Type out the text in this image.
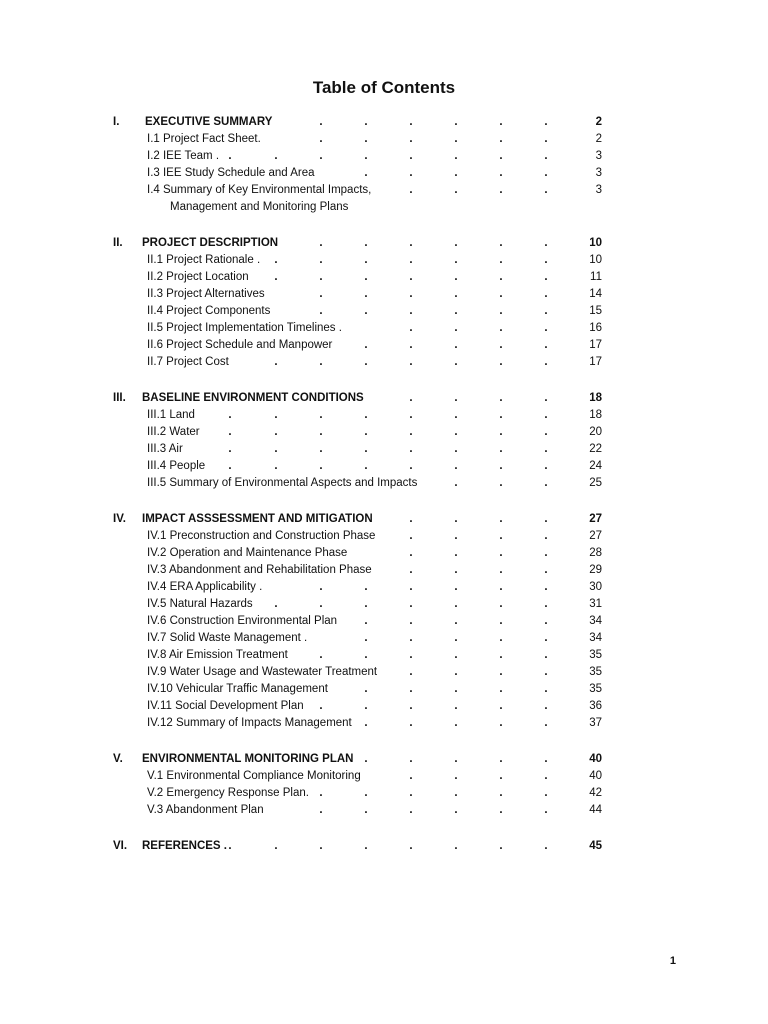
Table of Contents
I. EXECUTIVE SUMMARY	.	.	.	.	.	.	2
I.1 Project Fact Sheet.	.	.	.	.	.	.	2
I.2 IEE Team . .	.	.	.	.	.	.	.	3
I.3 IEE Study Schedule and Area	.	.	.	.	.	3
I.4 Summary of Key Environmental Impacts,	.	.	.	.	3
Management and Monitoring Plans
II. PROJECT DESCRIPTION	.	.	.	.	.	.	10
II.1 Project Rationale . .	.	.	.	.	.	.	10
II.2 Project Location .	.	.	.	.	.	.	11
II.3 Project Alternatives	.	.	.	.	.	.	14
II.4 Project Components	.	.	.	.	.	.	15
II.5 Project Implementation Timelines .	.	.	.	.	16
II.6 Project Schedule and Manpower	.	.	.	.	.	17
II.7 Project Cost	.	.	.	.	.	.	.	17
III. BASELINE ENVIRONMENT CONDITIONS	.	.	.	.	18
III.1 Land	.	.	.	.	.	.	.	.	18
III.2 Water	.	.	.	.	.	.	.	.	20
III.3 Air	.	.	.	.	.	.	.	.	22
III.4 People .	.	.	.	.	.	.	.	24
III.5 Summary of Environmental Aspects and Impacts	.	.	.	25
IV. IMPACT ASSSESSMENT AND MITIGATION	.	.	.	.	27
IV.1 Preconstruction and Construction Phase	.	.	.	.	27
IV.2 Operation and Maintenance Phase	.	.	.	.	28
IV.3 Abandonment and Rehabilitation Phase	.	.	.	.	29
IV.4 ERA Applicability .	.	.	.	.	.	.	30
IV.5 Natural Hazards .	.	.	.	.	.	.	31
IV.6 Construction Environmental Plan .	.	.	.	.	34
IV.7 Solid Waste Management .	.	.	.	.	.	34
IV.8 Air Emission Treatment	.	.	.	.	.	.	35
IV.9 Water Usage and Wastewater Treatment	.	.	.	.	35
IV.10 Vehicular Traffic Management	.	.	.	.	.	35
IV.11 Social Development Plan .	.	.	.	.	.	36
IV.12 Summary of Impacts Management .	.	.	.	.	37
V. ENVIRONMENTAL MONITORING PLAN .	.	.	.	.	40
V.1 Environmental Compliance Monitoring	.	.	.	.	40
V.2 Emergency Response Plan. .	.	.	.	.	.	42
V.3 Abandonment Plan	.	.	.	.	.	.	44
VI. REFERENCES . .	.	.	.	.	.	.	.	45
1
